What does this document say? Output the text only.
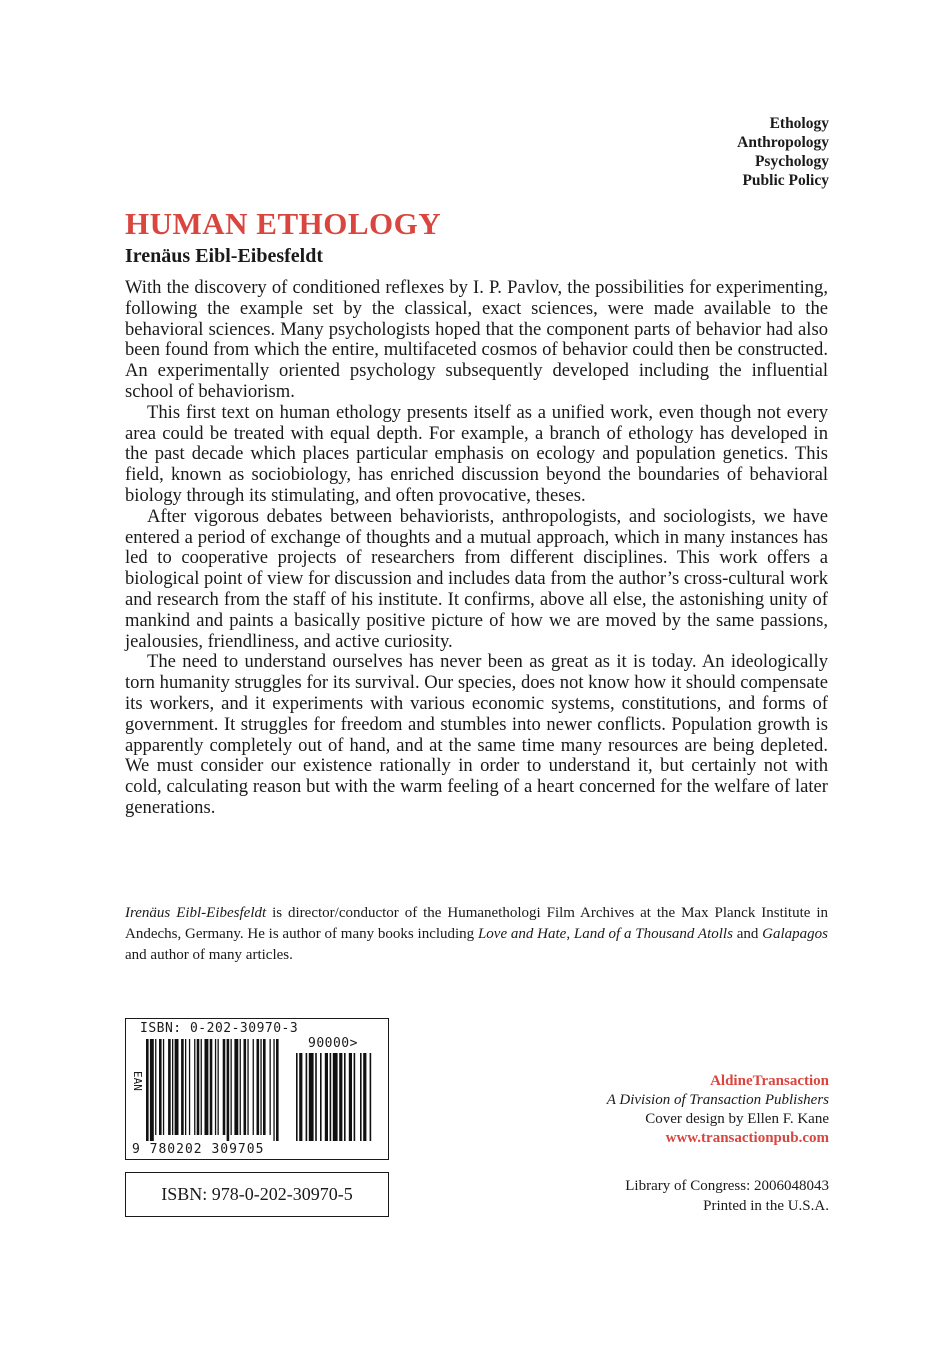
Ethology
Anthropology
Psychology
Public Policy
HUMAN ETHOLOGY
Irenäus Eibl-Eibesfeldt

With the discovery of conditioned reflexes by I. P. Pavlov, the possibilities for experimenting, following the example set by the classical, exact sciences, were made available to the behavioral sciences. Many psychologists hoped that the component parts of behavior had also been found from which the entire, multifaceted cosmos of behavior could then be constructed. An experimentally oriented psychology subsequently developed including the influential school of behaviorism.

This first text on human ethology presents itself as a unified work, even though not every area could be treated with equal depth. For example, a branch of ethology has developed in the past decade which places particular emphasis on ecology and population genetics. This field, known as sociobiology, has enriched discussion beyond the boundaries of behavioral biology through its stimulating, and often provocative, theses.

After vigorous debates between behaviorists, anthropologists, and sociologists, we have entered a period of exchange of thoughts and a mutual approach, which in many instances has led to cooperative projects of researchers from different disciplines. This work offers a biological point of view for discussion and includes data from the author’s cross-cultural work and research from the staff of his institute. It confirms, above all else, the astonishing unity of mankind and paints a basically positive picture of how we are moved by the same passions, jealousies, friendliness, and active curiosity.

The need to understand ourselves has never been as great as it is today. An ideologically torn humanity struggles for its survival. Our species, does not know how it should compensate its workers, and it experiments with various economic systems, constitutions, and forms of government. It struggles for freedom and stumbles into newer conflicts. Population growth is apparently completely out of hand, and at the same time many resources are being depleted. We must consider our existence rationally in order to understand it, but certainly not with cold, calculating reason but with the warm feeling of a heart concerned for the welfare of later generations.

Irenäus Eibl-Eibesfeldt is director/conductor of the Humanethologi Film Archives at the Max Planck Institute in Andechs, Germany. He is author of many books including Love and Hate, Land of a Thousand Atolls and Galapagos and author of many articles.
ISBN: 0-202-30970-3
90000>
EAN
9 780202 309705
ISBN: 978-0-202-30970-5
AldineTransaction
A Division of Transaction Publishers
Cover design by Ellen F. Kane
www.transactionpub.com
Library of Congress: 2006048043
Printed in the U.S.A.
